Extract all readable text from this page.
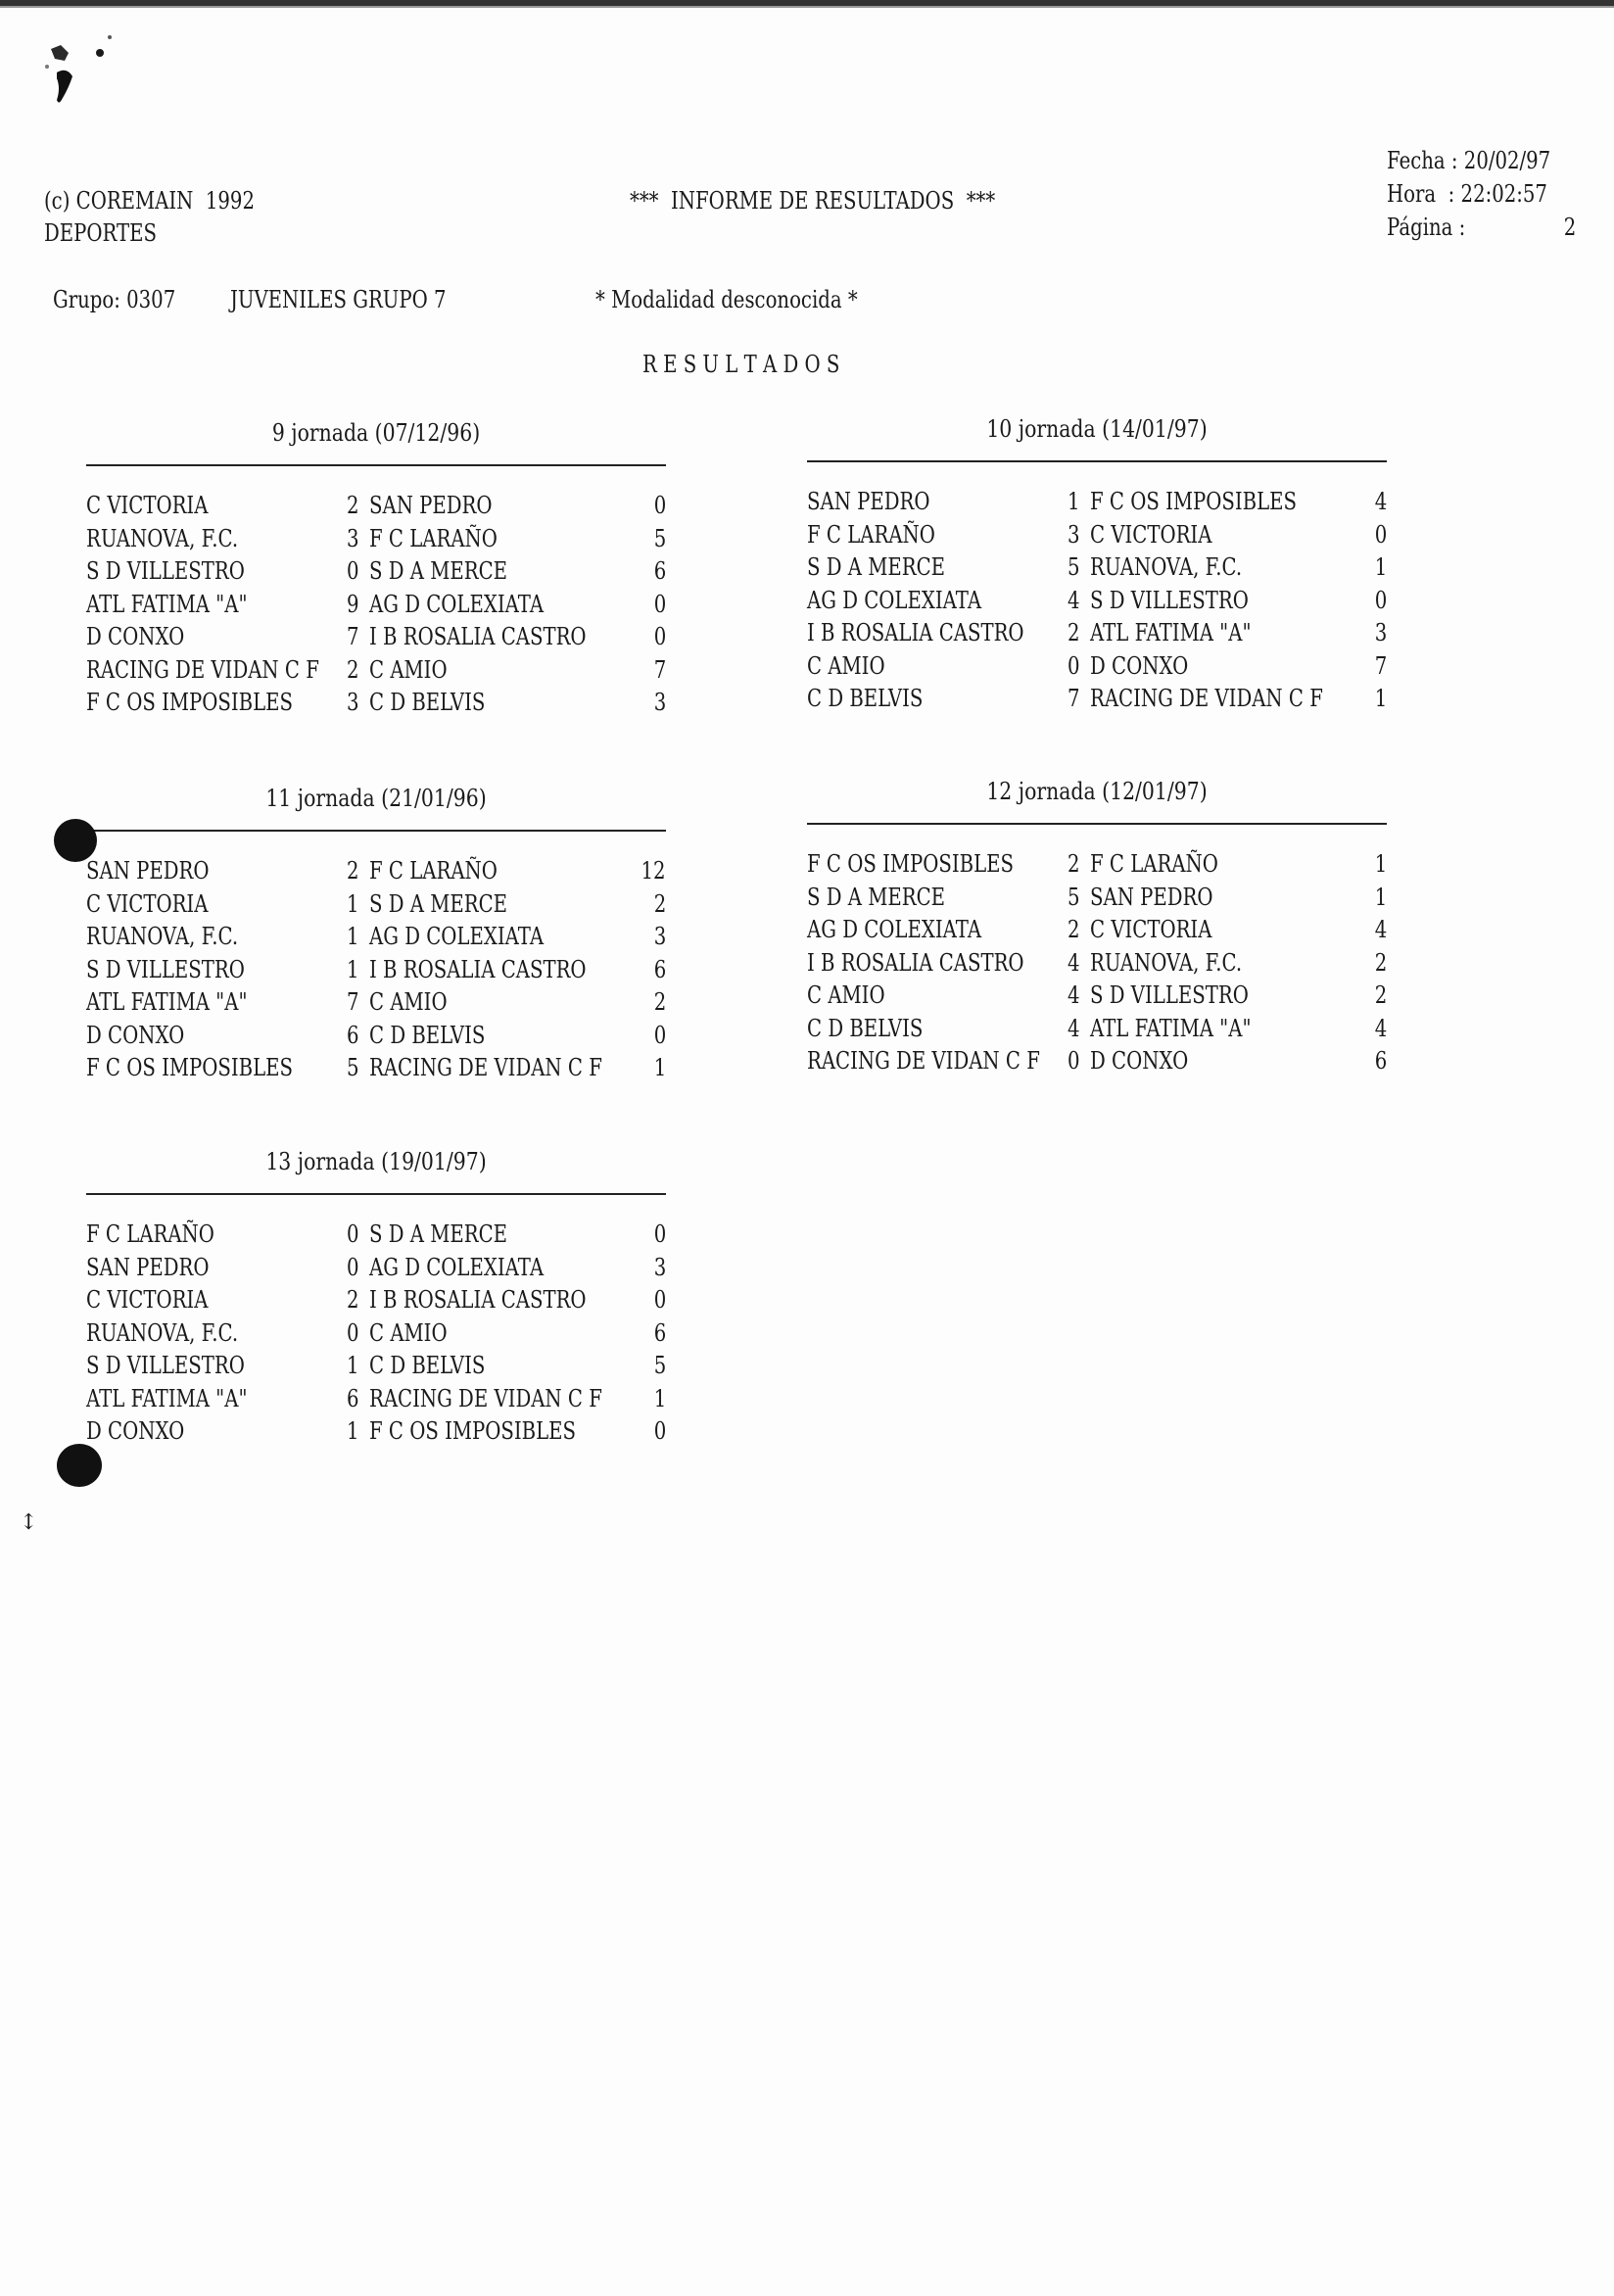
(c) COREMAIN  1992
DEPORTES
***  INFORME DE RESULTADOS  ***
Fecha : 20/02/97
Hora  : 22:02:57
Página :	2
Grupo: 0307 JUVENILES GRUPO 7	* Modalidad desconocida *
R E S U L T A D O S
9 jornada (07/12/96)
C VICTORIA	2 SAN PEDRO	0
RUANOVA, F.C.	3 F C LARAÑO	5
S D VILLESTRO	0 S D A MERCE	6
ATL FATIMA "A"	9 AG D COLEXIATA	0
D CONXO	7 I B ROSALIA CASTRO	0
RACING DE VIDAN C F 2 C AMIO	7
F C OS IMPOSIBLES 3 C D BELVIS	3
10 jornada (14/01/97)
SAN PEDRO	1 F C OS IMPOSIBLES	4
F C LARAÑO	3 C VICTORIA	0
S D A MERCE	5 RUANOVA, F.C.	1
AG D COLEXIATA	4 S D VILLESTRO	0
I B ROSALIA CASTRO 2 ATL FATIMA "A"	3
C AMIO	0 D CONXO	7
C D BELVIS	7 RACING DE VIDAN C F 1
11 jornada (21/01/96)
SAN PEDRO	2 F C LARAÑO	12
C VICTORIA	1 S D A MERCE	2
RUANOVA, F.C.	1 AG D COLEXIATA	3
S D VILLESTRO	1 I B ROSALIA CASTRO	6
ATL FATIMA "A"	7 C AMIO	2
D CONXO	6 C D BELVIS	0
F C OS IMPOSIBLES 5 RACING DE VIDAN C F 1
12 jornada (12/01/97)
F C OS IMPOSIBLES 2 F C LARAÑO	1
S D A MERCE	5 SAN PEDRO	1
AG D COLEXIATA	2 C VICTORIA	4
I B ROSALIA CASTRO 4 RUANOVA, F.C.	2
C AMIO	4 S D VILLESTRO	2
C D BELVIS	4 ATL FATIMA "A"	4
RACING DE VIDAN C F 0 D CONXO	6
13 jornada (19/01/97)
F C LARAÑO	0 S D A MERCE	0
SAN PEDRO	0 AG D COLEXIATA	3
C VICTORIA	2 I B ROSALIA CASTRO	0
RUANOVA, F.C.	0 C AMIO	6
S D VILLESTRO	1 C D BELVIS	5
ATL FATIMA "A"	6 RACING DE VIDAN C F 1
D CONXO	1 F C OS IMPOSIBLES	0
↕
